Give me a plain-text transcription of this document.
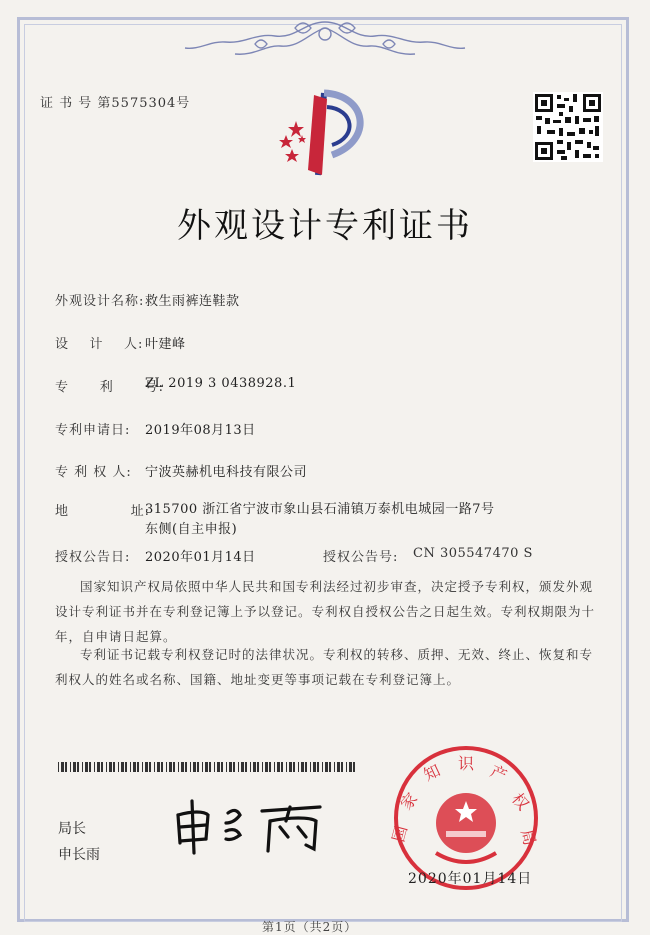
证 书 号 第5575304号
外观设计专利证书
外观设计名称: 救生雨裤连鞋款
设    计    人: 叶建峰
专      利      号:
ZL 2019 3 0438928.1
专利申请日:	2019年08月13日
专 利 权 人:	宁波英赫机电科技有限公司
地            址:
315700 浙江省宁波市象山县石浦镇万泰机电城园一路7号
东侧(自主申报)
授权公告日:	2020年01月14日	授权公告号:	CN 305547470 S
国家知识产权局依照中华人民共和国专利法经过初步审查，决定授予专利权，颁发外观设计专利证书并在专利登记簿上予以登记。专利权自授权公告之日起生效。专利权期限为十年，自申请日起算。
专利证书记载专利权登记时的法律状况。专利权的转移、质押、无效、终止、恢复和专利权人的姓名或名称、国籍、地址变更等事项记载在专利登记簿上。
局长
申长雨
国
家
知 识 产
权
局
2020年01月14日
第1页（共2页）
